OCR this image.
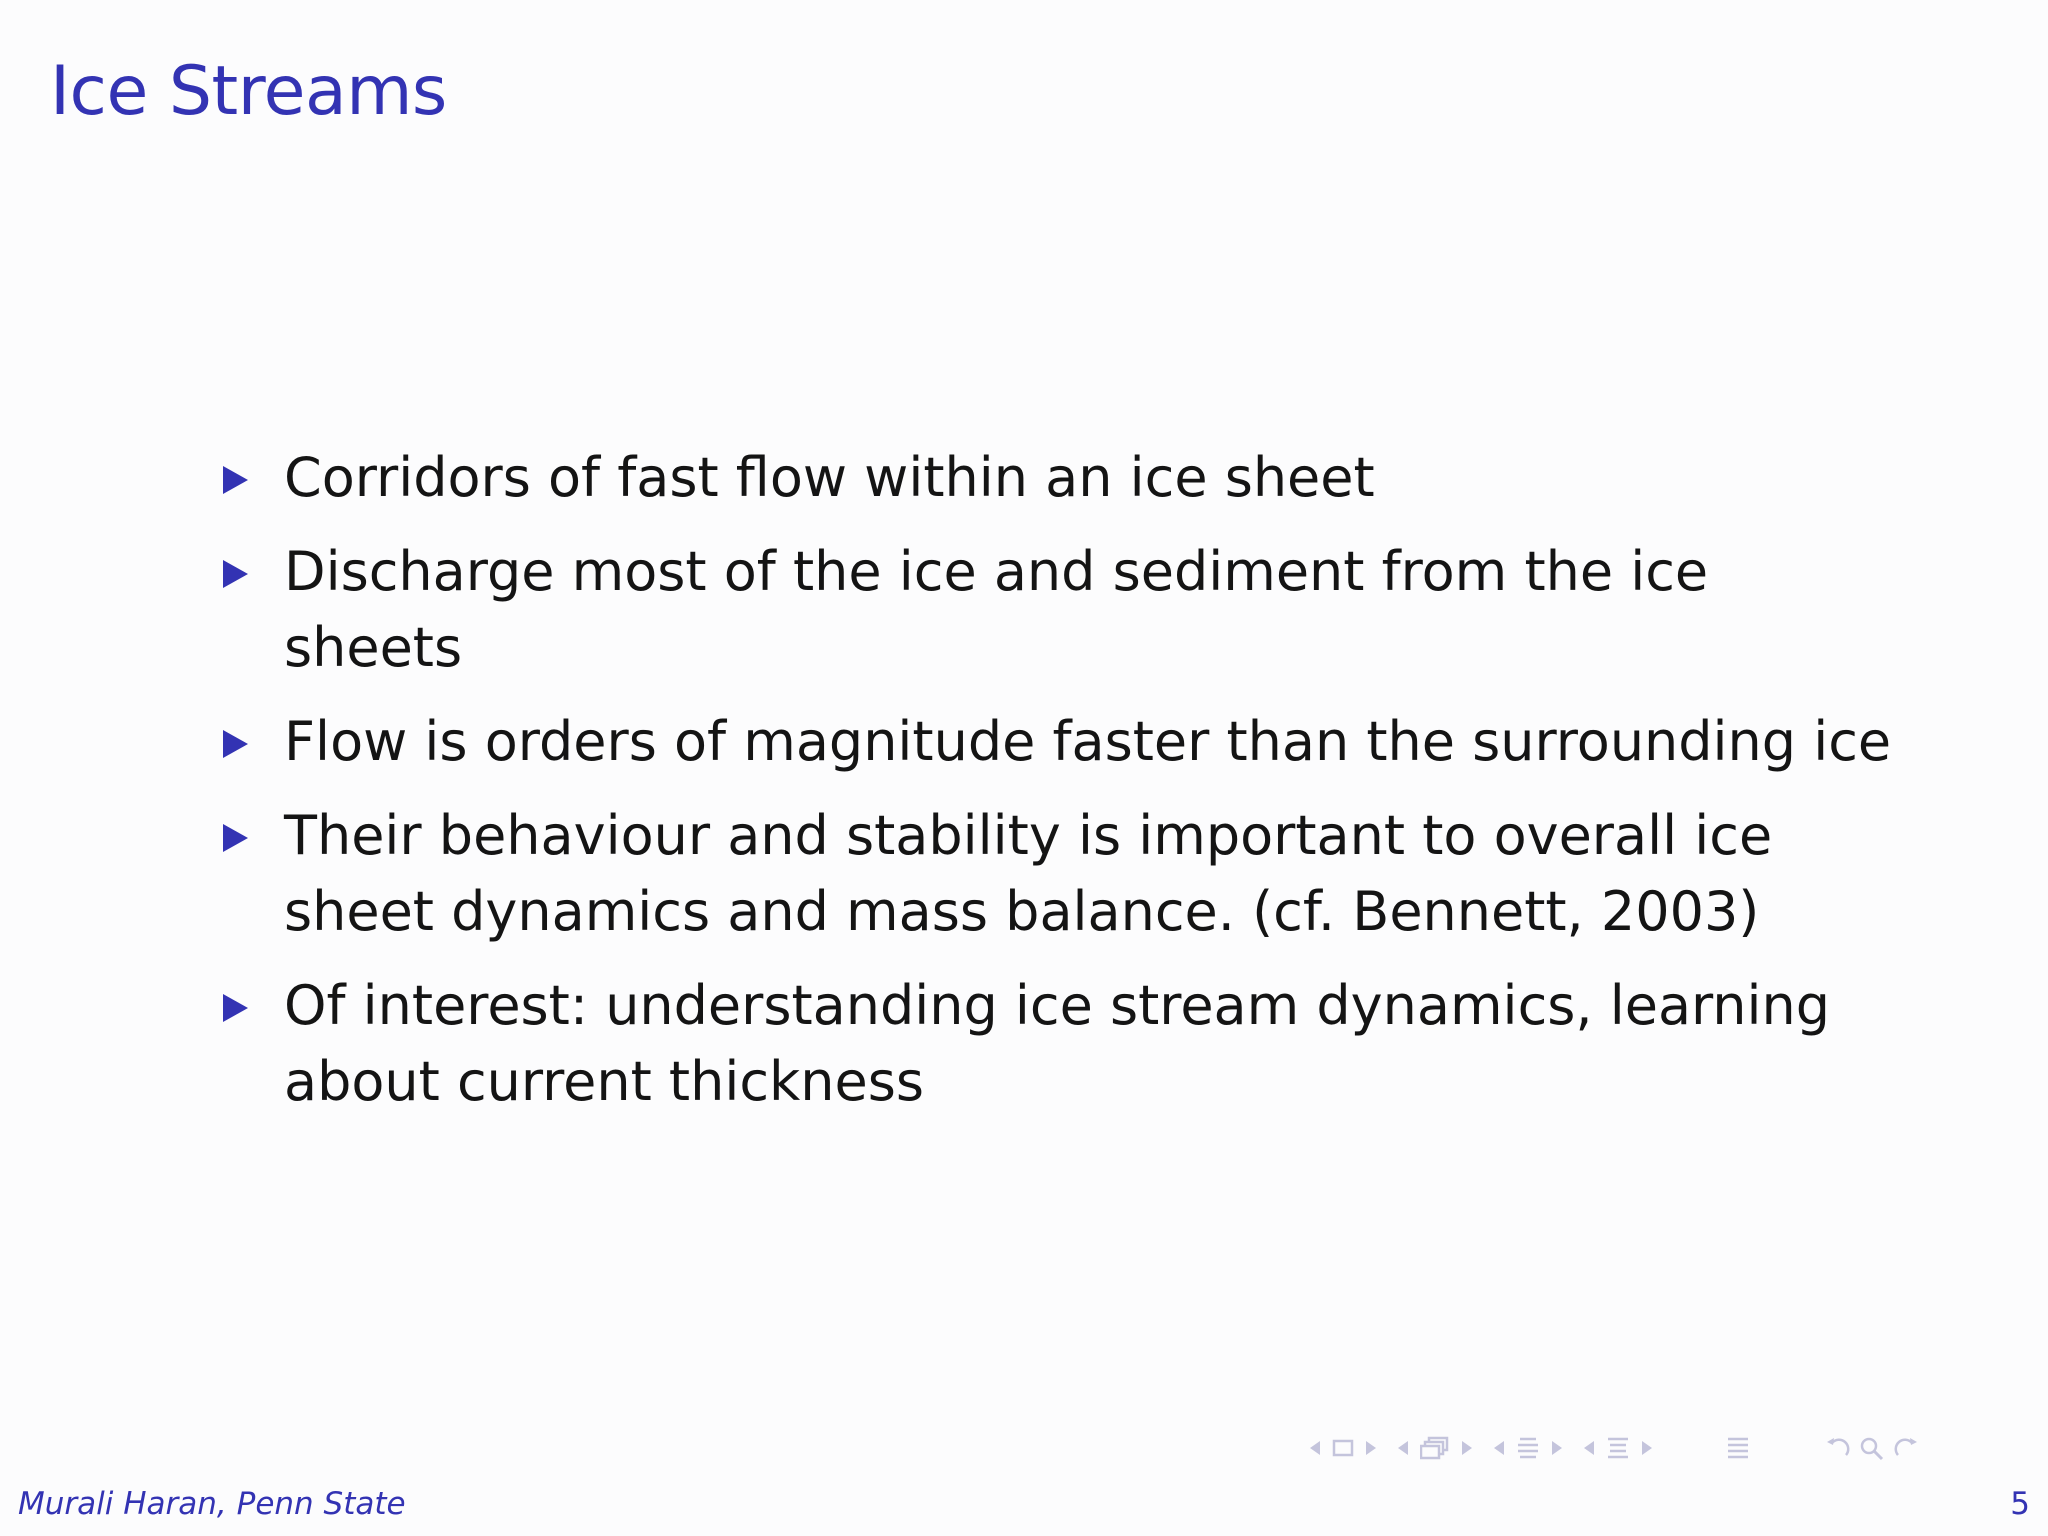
Ice Streams
Corridors of fast flow within an ice sheet
Discharge most of the ice and sediment from the ice sheets
Flow is orders of magnitude faster than the surrounding ice
Their behaviour and stability is important to overall ice sheet dynamics and mass balance. (cf. Bennett, 2003)
Of interest: understanding ice stream dynamics, learning about current thickness
Murali Haran, Penn State	5
